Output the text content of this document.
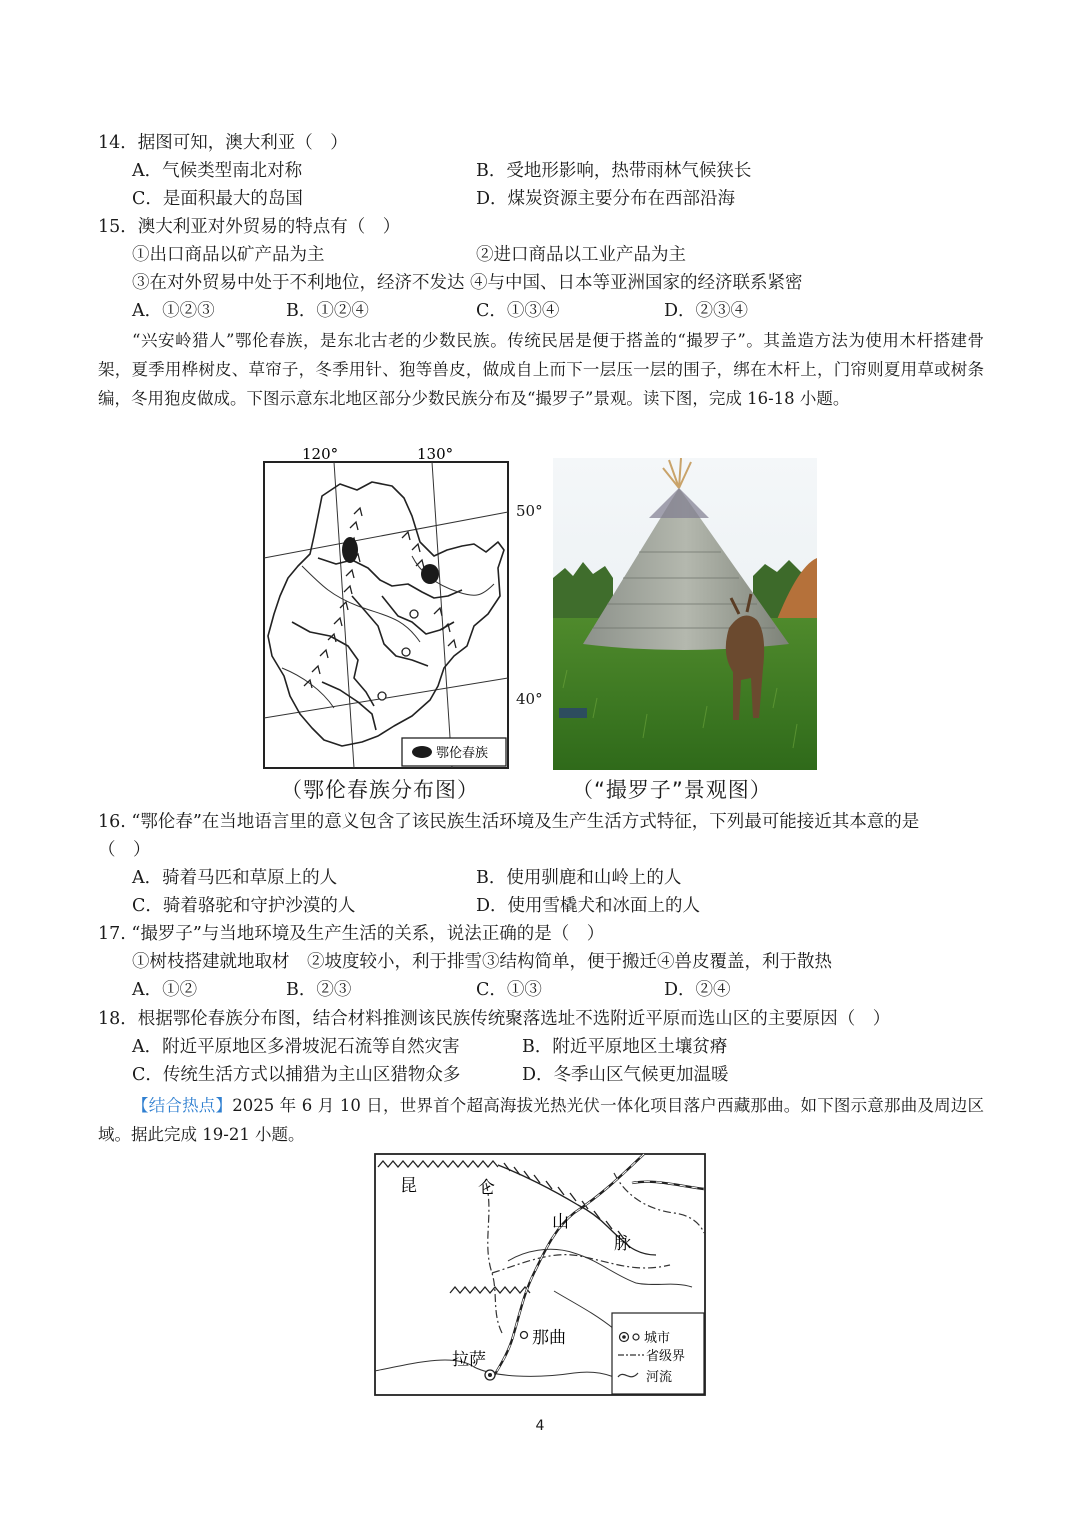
14．据图可知，澳大利亚（　）
A．气候类型南北对称	B．受地形影响，热带雨林气候狭长
C．是面积最大的岛国	D．煤炭资源主要分布在西部沿海
15．澳大利亚对外贸易的特点有（　）
①出口商品以矿产品为主	②进口商品以工业产品为主
③在对外贸易中处于不利地位，经济不发达 ④与中国、日本等亚洲国家的经济联系紧密
A．①②③	B．①②④	C．①③④	D．②③④
“兴安岭猎人”鄂伦春族，是东北古老的少数民族。传统民居是便于搭盖的“撮罗子”。其盖造方法为使用木杆搭建骨架，夏季用桦树皮、草帘子，冬季用针、狍等兽皮，做成自上而下一层压一层的围子，绑在木杆上，门帘则夏用草或树条编，冬用狍皮做成。下图示意东北地区部分少数民族分布及“撮罗子”景观。读下图，完成 16-18 小题。
120°	130°
鄂伦春族
50°
40°
（鄂伦春族分布图）	（“撮罗子”景观图）
16. “鄂伦春”在当地语言里的意义包含了该民族生活环境及生产生活方式特征，下列最可能接近其本意的是
（　）
A．骑着马匹和草原上的人	B．使用驯鹿和山岭上的人
C．骑着骆驼和守护沙漠的人	D．使用雪橇犬和冰面上的人
17. “撮罗子”与当地环境及生产生活的关系，说法正确的是（　）
①树枝搭建就地取材　②坡度较小，利于排雪③结构简单，便于搬迁④兽皮覆盖，利于散热
A．①②	B．②③	C．①③	D．②④
18．根据鄂伦春族分布图，结合材料推测该民族传统聚落选址不选附近平原而选山区的主要原因（　）
A．附近平原地区多滑坡泥石流等自然灾害	B．附近平原地区土壤贫瘠
C．传统生活方式以捕猎为主山区猎物众多	D．冬季山区气候更加温暖
【结合热点】2025 年 6 月 10 日，世界首个超高海拔光热光伏一体化项目落户西藏那曲。如下图示意那曲及周边区域。据此完成 19-21 小题。
昆	仑
山
脉
那曲
拉萨
城市
省级界
河流
4
